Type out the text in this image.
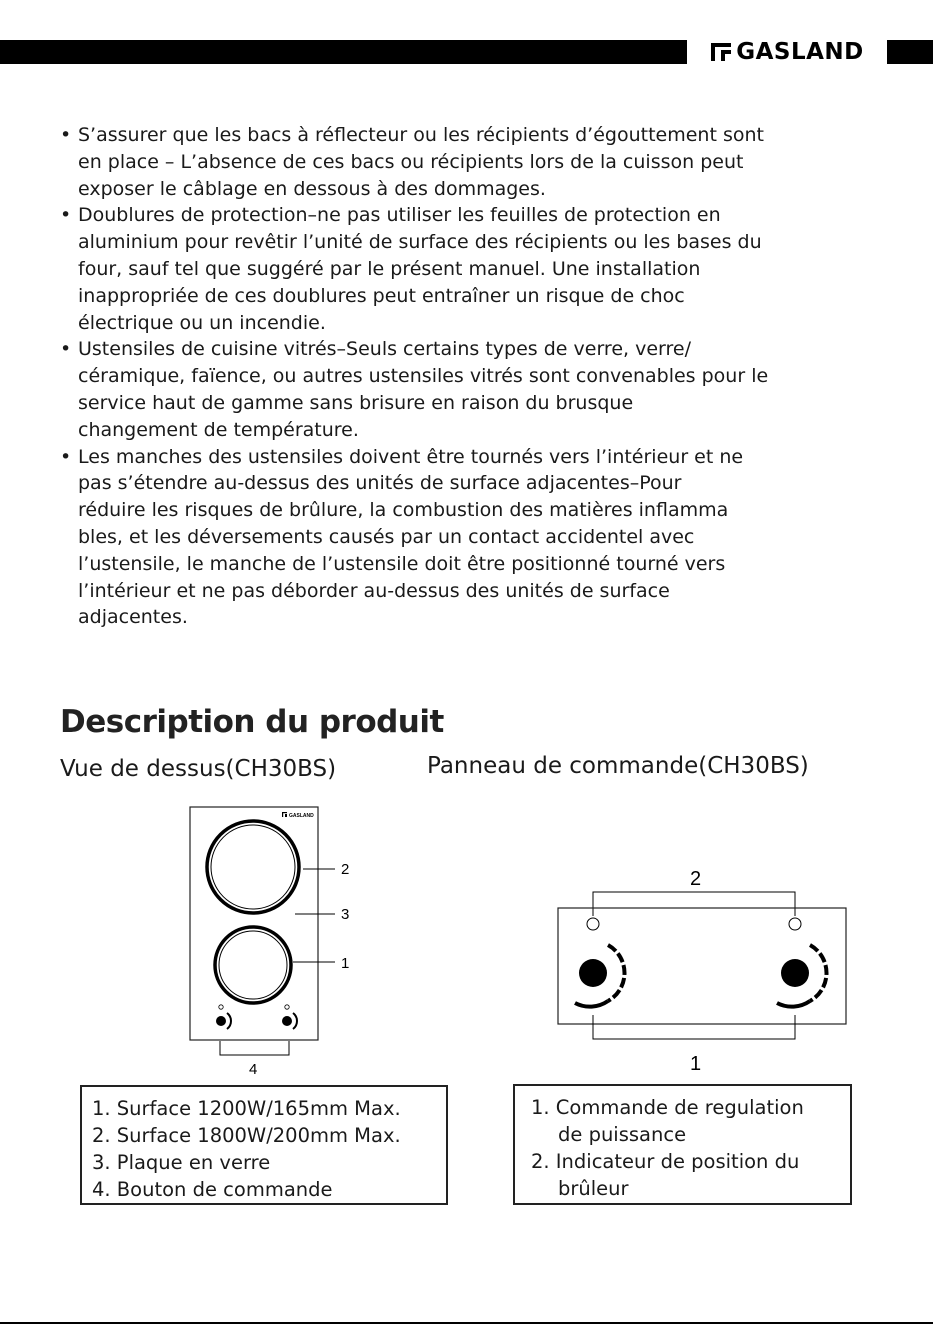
GASLAND
• S’assurer que les bacs à réflecteur ou les récipients d’égouttement sont
en place – L’absence de ces bacs ou récipients lors de la cuisson peut
exposer le câblage en dessous à des dommages.
• Doublures de protection–ne pas utiliser les feuilles de protection en
aluminium pour revêtir l’unité de surface des récipients ou les bases du
four, sauf tel que suggéré par le présent manuel. Une installation
inappropriée de ces doublures peut entraîner un risque de choc
électrique ou un incendie.
• Ustensiles de cuisine vitrés–Seuls certains types de verre, verre/
céramique, faïence, ou autres ustensiles vitrés sont convenables pour le
service haut de gamme sans brisure en raison du brusque
changement de température.
• Les manches des ustensiles doivent être tournés vers l’intérieur et ne
pas s’étendre au-dessus des unités de surface adjacentes–Pour
réduire les risques de brûlure, la combustion des matières inflamma
bles, et les déversements causés par un contact accidentel avec
l’ustensile, le manche de l’ustensile doit être positionné tourné vers
l’intérieur et ne pas déborder au-dessus des unités de surface
adjacentes.
Description du produit
Vue de dessus(CH30BS)	Panneau de commande(CH30BS)
GASLAND
2
3
1
4
2
1
1. Surface 1200W/165mm Max.
2. Surface 1800W/200mm Max.
3. Plaque en verre
4. Bouton de commande
1. Commande de regulation
de puissance
2. Indicateur de position du
brûleur
